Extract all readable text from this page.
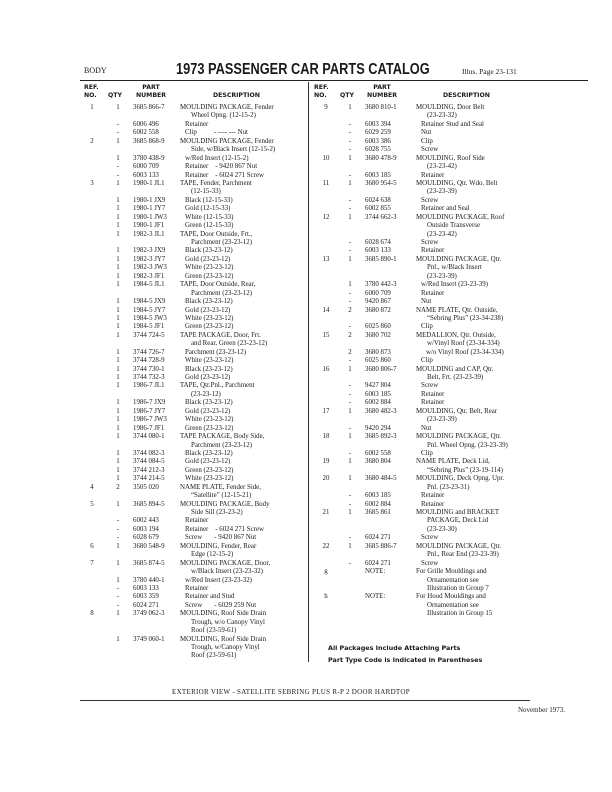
BODY	1973 PASSENGER CAR PARTS CATALOG	Illus. Page 23-131
REF.
NO.	QTY
PART
NUMBER	DESCRIPTION
REF.
NO.	QTY
PART
NUMBER	DESCRIPTION
1	1	3685 866-7 MOULDING PACKAGE, Fender
Wheel Opng. (12-15-2)
-	6006 496	Retainer
-	6002 558	Clip          - ---- --- Nut
2	1	3685 868-9 MOULDING PACKAGE, Fender
Side, w/Black Insert (12-15-2)
1	3780 438-9	w/Red Insert (12-15-2)
-	6000 709	Retainer    - 9420 867 Nut
-	6003 133	Retainer    - 6024 271 Screw
3	1	1980-1 JL1 TAPE, Fender, Parchment
(12-15-33)
1	1980-1 JX9	Black (12-15-33)
1	1980-1 JY7	Gold (12-15-33)
1	1980-1 JW3	White (12-15-33)
1	1980-1 JF1	Green (12-15-33)
1	1982-3 JL1 TAPE, Door Outside, Frt.,
Parchment (23-23-12)
1	1982-3 JX9	Black (23-23-12)
1	1982-3 JY7	Gold (23-23-12)
1	1982-3 JW3	White (23-23-12)
1	1982-3 JF1	Green (23-23-12)
1	1984-5 JL1 TAPE, Door Outside, Rear,
Parchment (23-23-12)
1	1984-5 JX9	Black (23-23-12)
1	1984-5 JY7	Gold (23-23-12)
1	1984-5 JW3	White (23-23-12)
1	1984-5 JF1	Green (23-23-12)
1	3744 724-5 TAPE PACKAGE, Door, Frt.
and Rear, Green (23-23-12)
1	3744 726-7	Parchment (23-23-12)
1	3744 728-9	White (23-23-12)
1	3744 730-1	Black (23-23-12)
1	3744 732-3	Gold (23-23-12)
1	1986-7 JL1 TAPE, Qtr.Pnl., Parchment
(23-23-12)
1	1986-7 JX9	Black (23-23-12)
1	1986-7 JY7	Gold (23-23-12)
1	1986-7 JW3	White (23-23-12)
1	1986-7 JF1	Green (23-23-12)
1	3744 080-1 TAPE PACKAGE, Body Side,
Parchment (23-23-12)
1	3744 082-3	Black (23-23-12)
1	3744 084-5	Gold (23-23-12)
1	3744 212-3	Green (23-23-12)
1	3744 214-5	White (23-23-12)
4	2	3505 020	NAME PLATE, Fender Side,
“Satellite” (12-15-21)
5	1	3685 894-5 MOULDING PACKAGE, Body
Side Sill (23-23-2)
-	6002 443	Retainer
-	6003 194	Retainer    - 6024 271 Screw
-	6028 679	Screw       - 9420 867 Nut
6	1	3680 548-9 MOULDING, Fender, Rear
Edge (12-15-2)
7	1	3685 874-5 MOULDING PACKAGE, Door,
w/Black Insert (23-23-32)
1	3780 440-1	w/Red Insert (23-23-32)
-	6003 133	Retainer
-	6003 359	Retainer and Stud
-	6024 271	Screw       - 6029 259 Nut
8	1	3749 062-3 MOULDING, Roof Side Drain
Trough, w/o Canopy Vinyl
Roof (23-59-61)
1	3749 060-1 MOULDING, Roof Side Drain
Trough, w/Canopy Vinyl
Roof (23-59-61)
9	1	3680 810-1	MOULDING, Door Belt
(23-23-32)
-	6003 394	Retainer Stud and Seal
-	6029 259	Nut
-	6003 386	Clip
-	6028 755	Screw
10	1	3680 478-9	MOULDING, Roof Side
(23-23-42)
-	6003 185	Retainer
11	1	3680 954-5	MOULDING, Qtr. Wdo. Belt
(23-23-39)
-	6024 638	Screw
-	6002 855	Retainer and Seal
12	1	3744 662-3	MOULDING PACKAGE, Roof
Outside Transverse
(23-23-42)
-	6028 674	Screw
-	6003 133	Retainer
13	1	3685 890-1	MOULDING PACKAGE, Qtr.
Pnl., w/Black Insert
(23-23-39)
1	3780 442-3	w/Red Insert (23-23-39)
-	6000 709	Retainer
-	9420 867	Nut
14	2	3680 872	NAME PLATE, Qtr. Outside,
“Sebring Plus” (23-34-238)
-	6025 860	Clip
15	2	3680 702	MEDALLION, Qtr. Outside,
w/Vinyl Roof (23-34-334)
2	3680 873	w/o Vinyl Roof (23-34-334)
-	6025 860	Clip
16	1	3680 806-7	MOULDING and CAP, Qtr.
Belt, Frt. (23-23-39)
-	9427 804	Screw
-	6003 185	Retainer
-	6002 884	Retainer
17	1	3680 482-3	MOULDING, Qtr. Belt, Rear
(23-23-39)
-	9420 294	Nut
18	1	3685 892-3	MOULDING PACKAGE, Qtr.
Pnl. Wheel Opng. (23-23-39)
-	6002 558	Clip
19	1	3680 804	NAME PLATE, Deck Lid,
“Sebring Plus” (23-19-114)
20	1	3680 484-5	MOULDING, Deck Opng. Upr.
Pnl. (23-23-31)
-	6003 185	Retainer
-	6002 884	Retainer
21	1	3685 861	MOULDING and BRACKET
PACKAGE, Deck Lid
(23-23-30)
-	6024 271	Screw
22	1	3685 886-7	MOULDING PACKAGE, Qtr.
Pnl., Rear End (23-23-39)
-	6024 271	Screw
g	NOTE:	For Grille Mouldings and
Ornamentation see
Illustration in Group 7
h	NOTE:	For Hood Mouldings and
Ornamentation see
Illustration in Group 15
All Packages Include Attaching Parts
Part Type Code is Indicated in Parentheses
EXTERIOR VIEW - SATELLITE SEBRING PLUS R-P 2 DOOR HARDTOP
November 1973.
